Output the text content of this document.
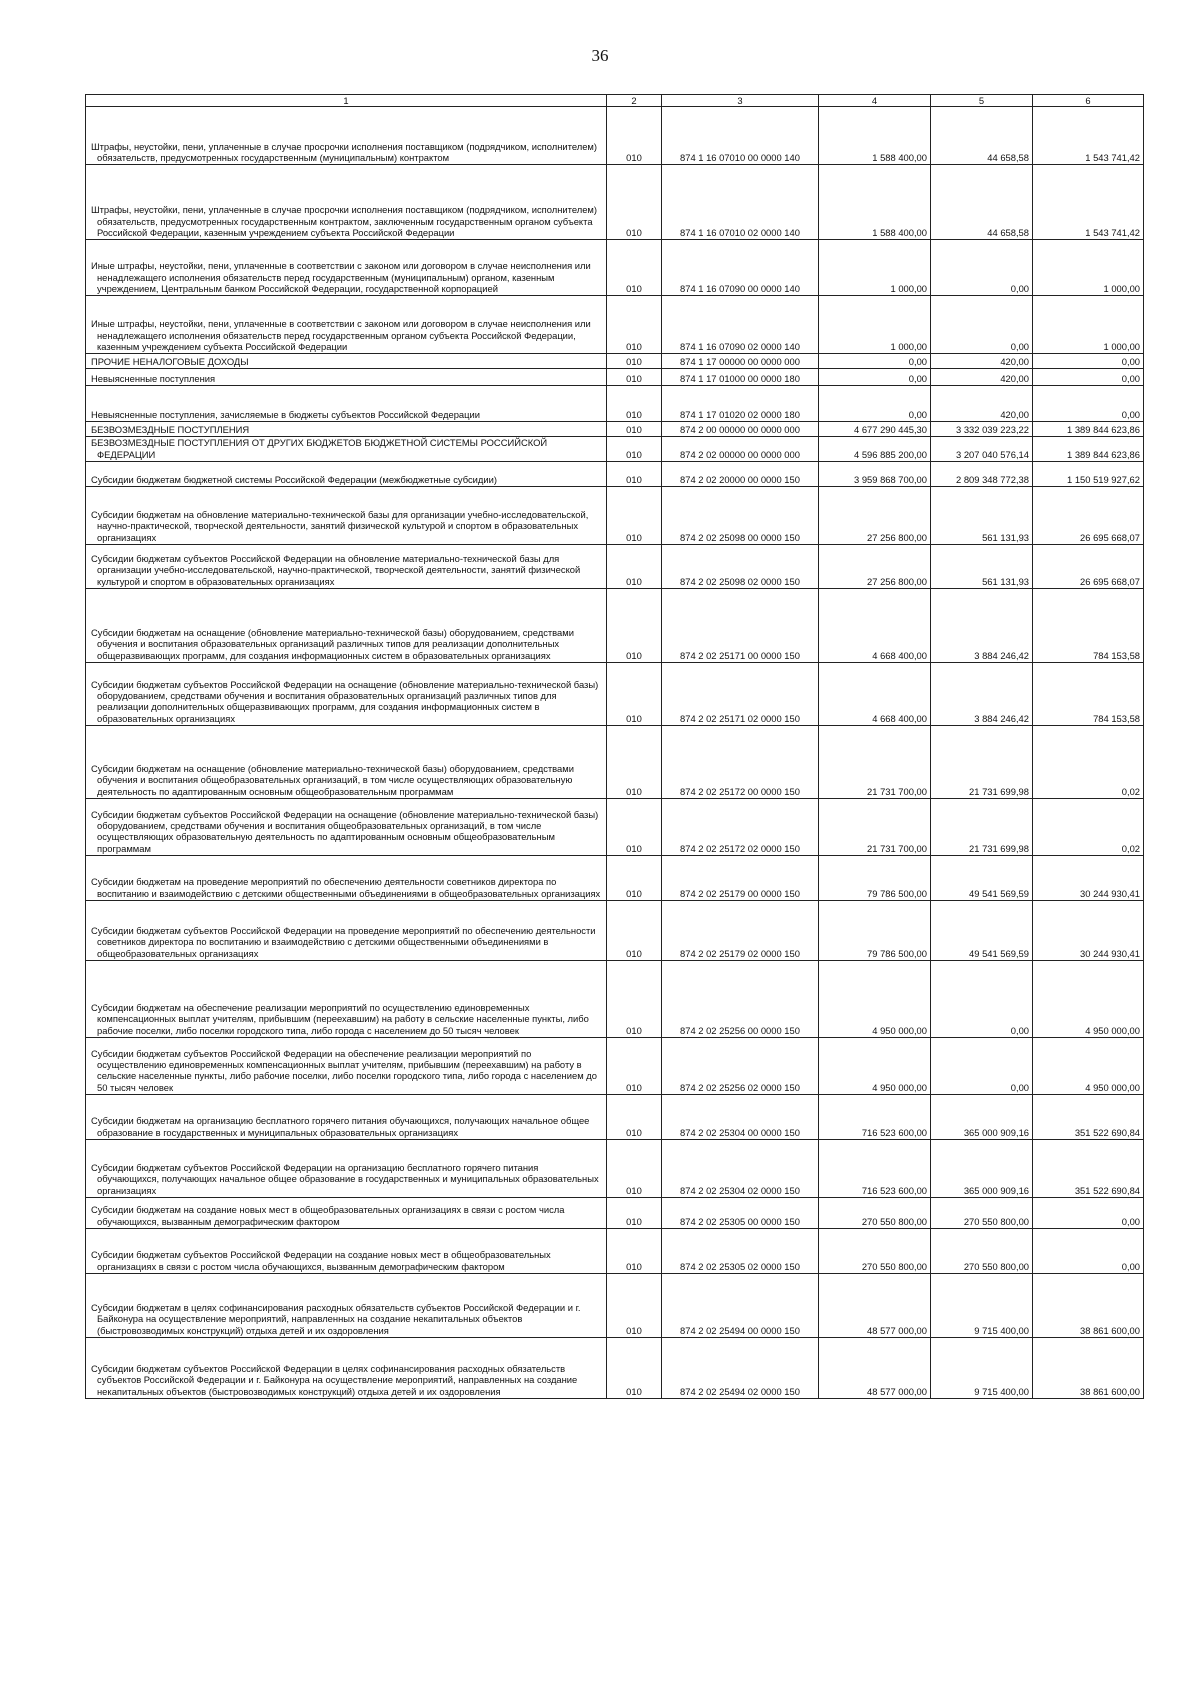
36
1	2	3	4	5	6

Штрафы, неустойки, пени, уплаченные в случае просрочки исполнения поставщиком (подрядчиком, исполнителем) обязательств, предусмотренных государственным (муниципальным) контрактом	010	874 1 16 07010 00 0000 140	1 588 400,00	44 658,58	1 543 741,42

Штрафы, неустойки, пени, уплаченные в случае просрочки исполнения поставщиком (подрядчиком, исполнителем) обязательств, предусмотренных государственным контрактом, заключенным государственным органом субъекта Российской Федерации, казенным учреждением субъекта Российской Федерации	010	874 1 16 07010 02 0000 140	1 588 400,00	44 658,58	1 543 741,42

Иные штрафы, неустойки, пени, уплаченные в соответствии с законом или договором в случае неисполнения или ненадлежащего исполнения обязательств перед государственным (муниципальным) органом, казенным учреждением, Центральным банком Российской Федерации, государственной корпорацией	010	874 1 16 07090 00 0000 140	1 000,00	0,00	1 000,00

Иные штрафы, неустойки, пени, уплаченные в соответствии с законом или договором в случае неисполнения или ненадлежащего исполнения обязательств перед государственным органом субъекта Российской Федерации, казенным учреждением субъекта Российской Федерации	010	874 1 16 07090 02 0000 140	1 000,00	0,00	1 000,00

ПРОЧИЕ НЕНАЛОГОВЫЕ ДОХОДЫ	010	874 1 17 00000 00 0000 000	0,00	420,00	0,00

Невыясненные поступления	010	874 1 17 01000 00 0000 180	0,00	420,00	0,00

Невыясненные поступления, зачисляемые в бюджеты субъектов Российской Федерации	010	874 1 17 01020 02 0000 180	0,00	420,00	0,00

БЕЗВОЗМЕЗДНЫЕ ПОСТУПЛЕНИЯ	010	874 2 00 00000 00 0000 000	4 677 290 445,30	3 332 039 223,22	1 389 844 623,86

БЕЗВОЗМЕЗДНЫЕ ПОСТУПЛЕНИЯ ОТ ДРУГИХ БЮДЖЕТОВ БЮДЖЕТНОЙ СИСТЕМЫ РОССИЙСКОЙ ФЕДЕРАЦИИ	010	874 2 02 00000 00 0000 000	4 596 885 200,00	3 207 040 576,14	1 389 844 623,86

Субсидии бюджетам бюджетной системы Российской Федерации (межбюджетные субсидии)	010	874 2 02 20000 00 0000 150	3 959 868 700,00	2 809 348 772,38	1 150 519 927,62

Субсидии бюджетам на обновление материально-технической базы для организации учебно-исследовательской, научно-практической, творческой деятельности, занятий физической культурой и спортом в образовательных организациях	010	874 2 02 25098 00 0000 150	27 256 800,00	561 131,93	26 695 668,07

Субсидии бюджетам субъектов Российской Федерации на обновление материально-технической базы для организации учебно-исследовательской, научно-практической, творческой деятельности, занятий физической культурой и спортом в образовательных организациях	010	874 2 02 25098 02 0000 150	27 256 800,00	561 131,93	26 695 668,07

Субсидии бюджетам на оснащение (обновление материально-технической базы) оборудованием, средствами обучения и воспитания образовательных организаций различных типов для реализации дополнительных общеразвивающих программ, для создания информационных систем в образовательных организациях	010	874 2 02 25171 00 0000 150	4 668 400,00	3 884 246,42	784 153,58

Субсидии бюджетам субъектов Российской Федерации на оснащение (обновление материально-технической базы) оборудованием, средствами обучения и воспитания образовательных организаций различных типов для реализации дополнительных общеразвивающих программ, для создания информационных систем в образовательных организациях	010	874 2 02 25171 02 0000 150	4 668 400,00	3 884 246,42	784 153,58

Субсидии бюджетам на оснащение (обновление материально-технической базы) оборудованием, средствами обучения и воспитания общеобразовательных организаций, в том числе осуществляющих образовательную деятельность по адаптированным основным общеобразовательным программам	010	874 2 02 25172 00 0000 150	21 731 700,00	21 731 699,98	0,02

Субсидии бюджетам субъектов Российской Федерации на оснащение (обновление материально-технической базы) оборудованием, средствами обучения и воспитания общеобразовательных организаций, в том числе осуществляющих образовательную деятельность по адаптированным основным общеобразовательным программам	010	874 2 02 25172 02 0000 150	21 731 700,00	21 731 699,98	0,02

Субсидии бюджетам на проведение мероприятий по обеспечению деятельности советников директора по воспитанию и взаимодействию с детскими общественными объединениями в общеобразовательных организациях	010	874 2 02 25179 00 0000 150	79 786 500,00	49 541 569,59	30 244 930,41

Субсидии бюджетам субъектов Российской Федерации на проведение мероприятий по обеспечению деятельности советников директора по воспитанию и взаимодействию с детскими общественными объединениями в общеобразовательных организациях	010	874 2 02 25179 02 0000 150	79 786 500,00	49 541 569,59	30 244 930,41

Субсидии бюджетам на обеспечение реализации мероприятий по осуществлению единовременных компенсационных выплат учителям, прибывшим (переехавшим) на работу в сельские населенные пункты, либо рабочие поселки, либо поселки городского типа, либо города с населением до 50 тысяч человек	010	874 2 02 25256 00 0000 150	4 950 000,00	0,00	4 950 000,00

Субсидии бюджетам субъектов Российской Федерации на обеспечение реализации мероприятий по осуществлению единовременных компенсационных выплат учителям, прибывшим (переехавшим) на работу в сельские населенные пункты, либо рабочие поселки, либо поселки городского типа, либо города с населением до 50 тысяч человек	010	874 2 02 25256 02 0000 150	4 950 000,00	0,00	4 950 000,00

Субсидии бюджетам на организацию бесплатного горячего питания обучающихся, получающих начальное общее образование в государственных и муниципальных образовательных организациях	010	874 2 02 25304 00 0000 150	716 523 600,00	365 000 909,16	351 522 690,84

Субсидии бюджетам субъектов Российской Федерации на организацию бесплатного горячего питания обучающихся, получающих начальное общее образование в государственных и муниципальных образовательных организациях	010	874 2 02 25304 02 0000 150	716 523 600,00	365 000 909,16	351 522 690,84

Субсидии бюджетам на создание новых мест в общеобразовательных организациях в связи с ростом числа обучающихся, вызванным демографическим фактором	010	874 2 02 25305 00 0000 150	270 550 800,00	270 550 800,00	0,00

Субсидии бюджетам субъектов Российской Федерации на создание новых мест в общеобразовательных организациях в связи с ростом числа обучающихся, вызванным демографическим фактором	010	874 2 02 25305 02 0000 150	270 550 800,00	270 550 800,00	0,00

Субсидии бюджетам в целях софинансирования расходных обязательств субъектов Российской Федерации и г. Байконура на осуществление мероприятий, направленных на создание некапитальных объектов (быстровозводимых конструкций) отдыха детей и их оздоровления	010	874 2 02 25494 00 0000 150	48 577 000,00	9 715 400,00	38 861 600,00

Субсидии бюджетам субъектов Российской Федерации в целях софинансирования расходных обязательств субъектов Российской Федерации и г. Байконура на осуществление мероприятий, направленных на создание некапитальных объектов (быстровозводимых конструкций) отдыха детей и их оздоровления	010	874 2 02 25494 02 0000 150	48 577 000,00	9 715 400,00	38 861 600,00
